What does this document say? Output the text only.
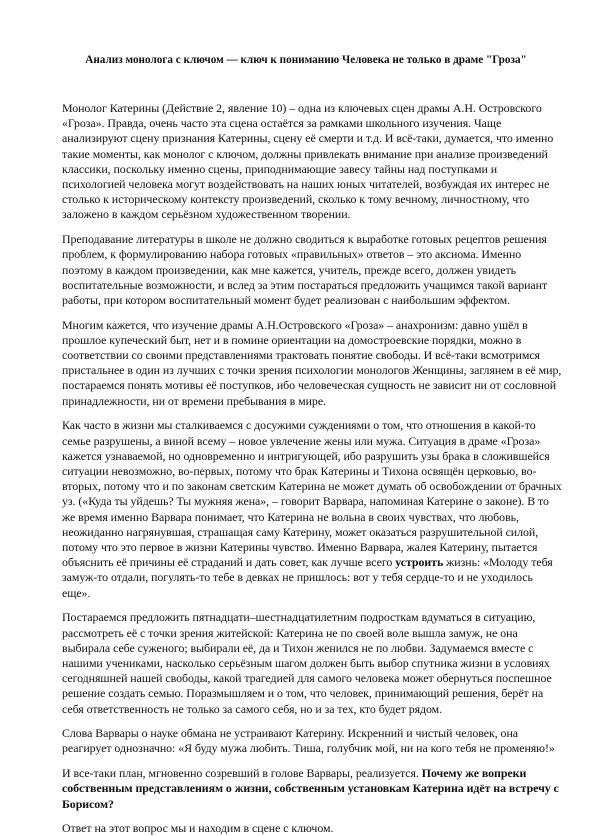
Анализ монолога с ключом — ключ к пониманию Человека не только в драме "Гроза"

Монолог Катерины (Действие 2, явление 10) – одна из ключевых сцен драмы А.Н. Островского «Гроза». Правда, очень часто эта сцена остаётся за рамками школьного изучения. Чаще анализируют сцену признания Катерины, сцену её смерти и т.д. И всё-таки, думается, что именно такие моменты, как монолог с ключом, должны привлекать внимание при анализе произведений классики, поскольку именно сцены, приподнимающие завесу тайны над поступками и психологией человека могут воздействовать на наших юных читателей, возбуждая их интерес не столько к историческому контексту произведений, сколько к тому вечному, личностному, что заложено в каждом серьёзном художественном творении.

Преподавание литературы в школе не должно сводиться к выработке готовых рецептов решения проблем, к формулированию набора готовых «правильных» ответов – это аксиома. Именно поэтому в каждом произведении, как мне кажется, учитель, прежде всего, должен увидеть воспитательные возможности, и вслед за этим постараться предложить учащимся такой вариант работы, при котором воспитательный момент будет реализован с наибольшим эффектом.

Многим кажется, что изучение драмы А.Н.Островского «Гроза» – анахронизм: давно ушёл в прошлое купеческий быт, нет и в помине ориентации на домостроевские порядки, можно в соответствии со своими представлениями трактовать понятие свободы. И всё-таки всмотримся пристальнее в один из лучших с точки зрения психологии монологов Женщины, заглянем в её мир, постараемся понять мотивы её поступков, ибо человеческая сущность не зависит ни от сословной принадлежности, ни от времени пребывания в мире.

Как часто в жизни мы сталкиваемся с досужими суждениями о том, что отношения в какой-то семье разрушены, а виной всему – новое увлечение жены или мужа. Ситуация в драме «Гроза» кажется узнаваемой, но одновременно и интригующей, ибо разрушить узы брака в сложившейся ситуации невозможно, во-первых, потому что брак Катерины и Тихона освящён церковью, во-вторых, потому что и по законам светским Катерина не может думать об освобождении от брачных уз. («Куда ты уйдешь? Ты мужняя жена», – говорит Варвара, напоминая Катерине о законе). В то же время именно Варвара понимает, что Катерина не вольна в своих чувствах, что любовь, неожиданно нагрянувшая, страшащая саму Катерину, может оказаться разрушительной силой, потому что это первое в жизни Катерины чувство. Именно Варвара, жалея Катерину, пытается объяснить её причины её страданий и дать совет, как лучше всего устроить жизнь: «Молоду тебя замуж-то отдали, погулять-то тебе в девках не пришлось: вот у тебя сердце-то и не уходилось еще».

Постараемся предложить пятнадцати–шестнадцатилетним подросткам вдуматься в ситуацию, рассмотреть её с точки зрения житейской: Катерина не по своей воле вышла замуж, не она выбирала себе суженого; выбирали её, да и Тихон женился не по любви. Задумаемся вместе с нашими учениками, насколько серьёзным шагом должен быть выбор спутника жизни в условиях сегодняшней нашей свободы, какой трагедией для самого человека может обернуться поспешное решение создать семью. Поразмышляем и о том, что человек, принимающий решения, берёт на себя ответственность не только за самого себя, но и за тех, кто будет рядом.

Слова Варвары о науке обмана не устраивают Катерину. Искренний и чистый человек, она реагирует однозначно: «Я буду мужа любить. Тиша, голубчик мой, ни на кого тебя не променяю!»

И все-таки план, мгновенно созревший в голове Варвары, реализуется. Почему же вопреки собственным представлениям о жизни, собственным установкам Катерина идёт на встречу с Борисом?

Ответ на этот вопрос мы и находим в сцене с ключом.
